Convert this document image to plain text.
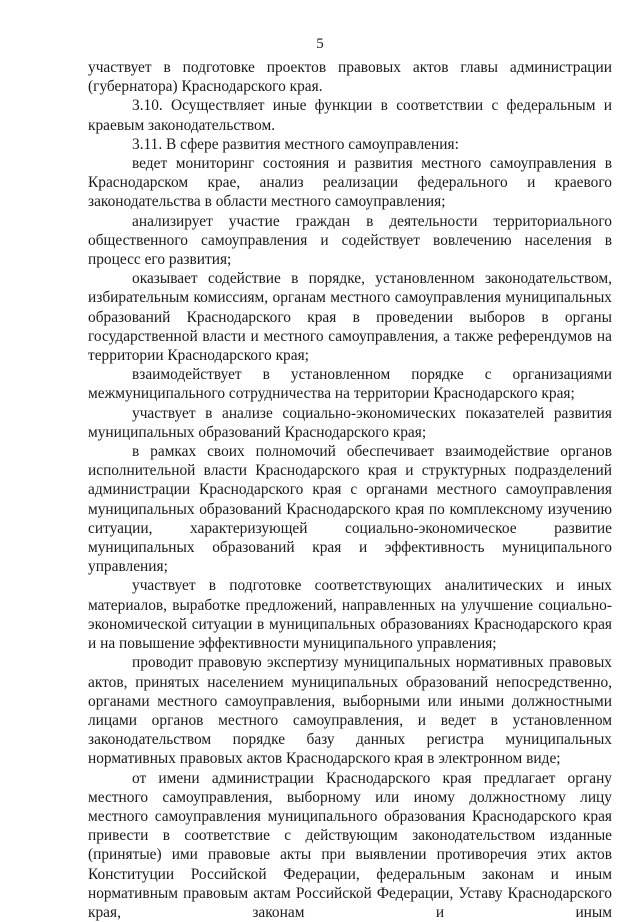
5

участвует в подготовке проектов правовых актов главы администрации (губернатора) Краснодарского края.

3.10. Осуществляет иные функции в соответствии с федеральным и краевым законодательством.

3.11. В сфере развития местного самоуправления:

ведет мониторинг состояния и развития местного самоуправления в Краснодарском крае, анализ реализации федерального и краевого законодательства в области местного самоуправления;

анализирует участие граждан в деятельности территориального общественного самоуправления и содействует вовлечению населения в процесс его развития;

оказывает содействие в порядке, установленном законодательством, избирательным комиссиям, органам местного самоуправления муниципальных образований Краснодарского края в проведении выборов в органы государственной власти и местного самоуправления, а также референдумов на территории Краснодарского края;

взаимодействует в установленном порядке с организациями межмуниципального сотрудничества на территории Краснодарского края;

участвует в анализе социально-экономических показателей развития муниципальных образований Краснодарского края;

в рамках своих полномочий обеспечивает взаимодействие органов исполнительной власти Краснодарского края и структурных подразделений администрации Краснодарского края с органами местного самоуправления муниципальных образований Краснодарского края по комплексному изучению ситуации, характеризующей социально-экономическое развитие муниципальных образований края и эффективность муниципального управления;

участвует в подготовке соответствующих аналитических и иных материалов, выработке предложений, направленных на улучшение социально-экономической ситуации в муниципальных образованиях Краснодарского края и на повышение эффективности муниципального управления;

проводит правовую экспертизу муниципальных нормативных правовых актов, принятых населением муниципальных образований непосредственно, органами местного самоуправления, выборными или иными должностными лицами органов местного самоуправления, и ведет в установленном законодательством порядке базу данных регистра муниципальных нормативных правовых актов Краснодарского края в электронном виде;

от имени администрации Краснодарского края предлагает органу местного самоуправления, выборному или иному должностному лицу местного самоуправления муниципального образования Краснодарского края привести в соответствие с действующим законодательством изданные (принятые) ими правовые акты при выявлении противоречия этих актов Конституции Российской Федерации, федеральным законам и иным нормативным правовым актам Российской Федерации, Уставу Краснодарского края, законам и иным
